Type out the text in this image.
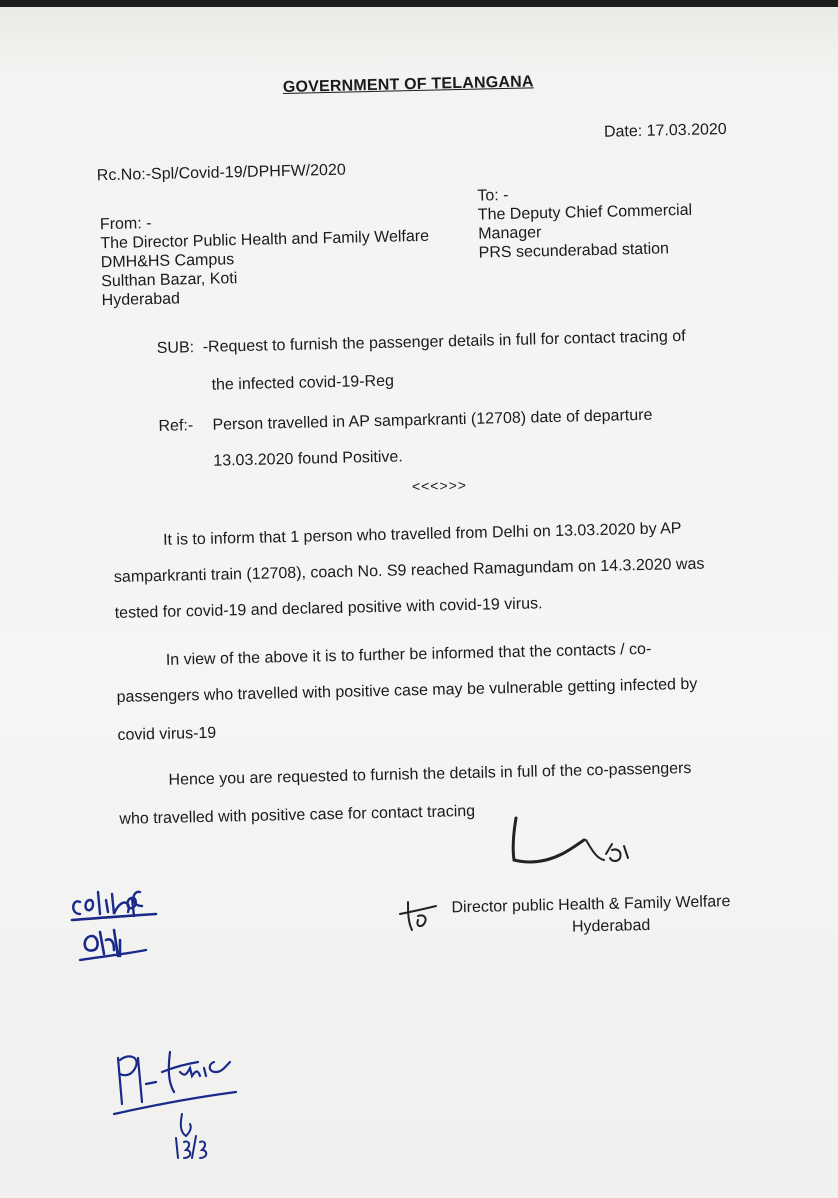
GOVERNMENT OF TELANGANA
Date: 17.03.2020
Rc.No:-Spl/Covid-19/DPHFW/2020
From: -
The Director Public Health and Family Welfare
DMH&HS Campus
Sulthan Bazar, Koti
Hyderabad
To: -
The Deputy Chief Commercial
Manager
PRS secunderabad station
SUB: -Request to furnish the passenger details in full for contact tracing of
the infected covid-19-Reg
Ref:- Person travelled in AP samparkranti (12708) date of departure
13.03.2020 found Positive.
<<<>>>
It is to inform that 1 person who travelled from Delhi on 13.03.2020 by AP
samparkranti train (12708), coach No. S9 reached Ramagundam on 14.3.2020 was
tested for covid-19 and declared positive with covid-19 virus.
In view of the above it is to further be informed that the contacts / co-
passengers who travelled with positive case may be vulnerable getting infected by
covid virus-19
Hence you are requested to furnish the details in full of the co-passengers
who travelled with positive case for contact tracing
Director public Health & Family Welfare
Hyderabad
